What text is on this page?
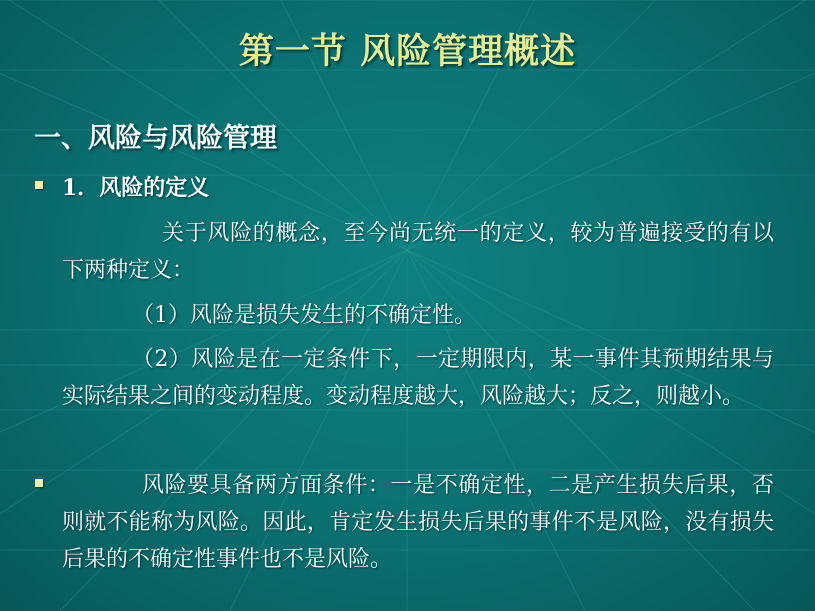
第一节 风险管理概述
一、风险与风险管理
1．风险的定义

关于风险的概念，至今尚无统一的定义，较为普遍接受的有以下两种定义：

（1）风险是损失发生的不确定性。

（2）风险是在一定条件下，一定期限内，某一事件其预期结果与实际结果之间的变动程度。变动程度越大，风险越大；反之，则越小。

风险要具备两方面条件：一是不确定性，二是产生损失后果，否则就不能称为风险。因此，肯定发生损失后果的事件不是风险，没有损失后果的不确定性事件也不是风险。
